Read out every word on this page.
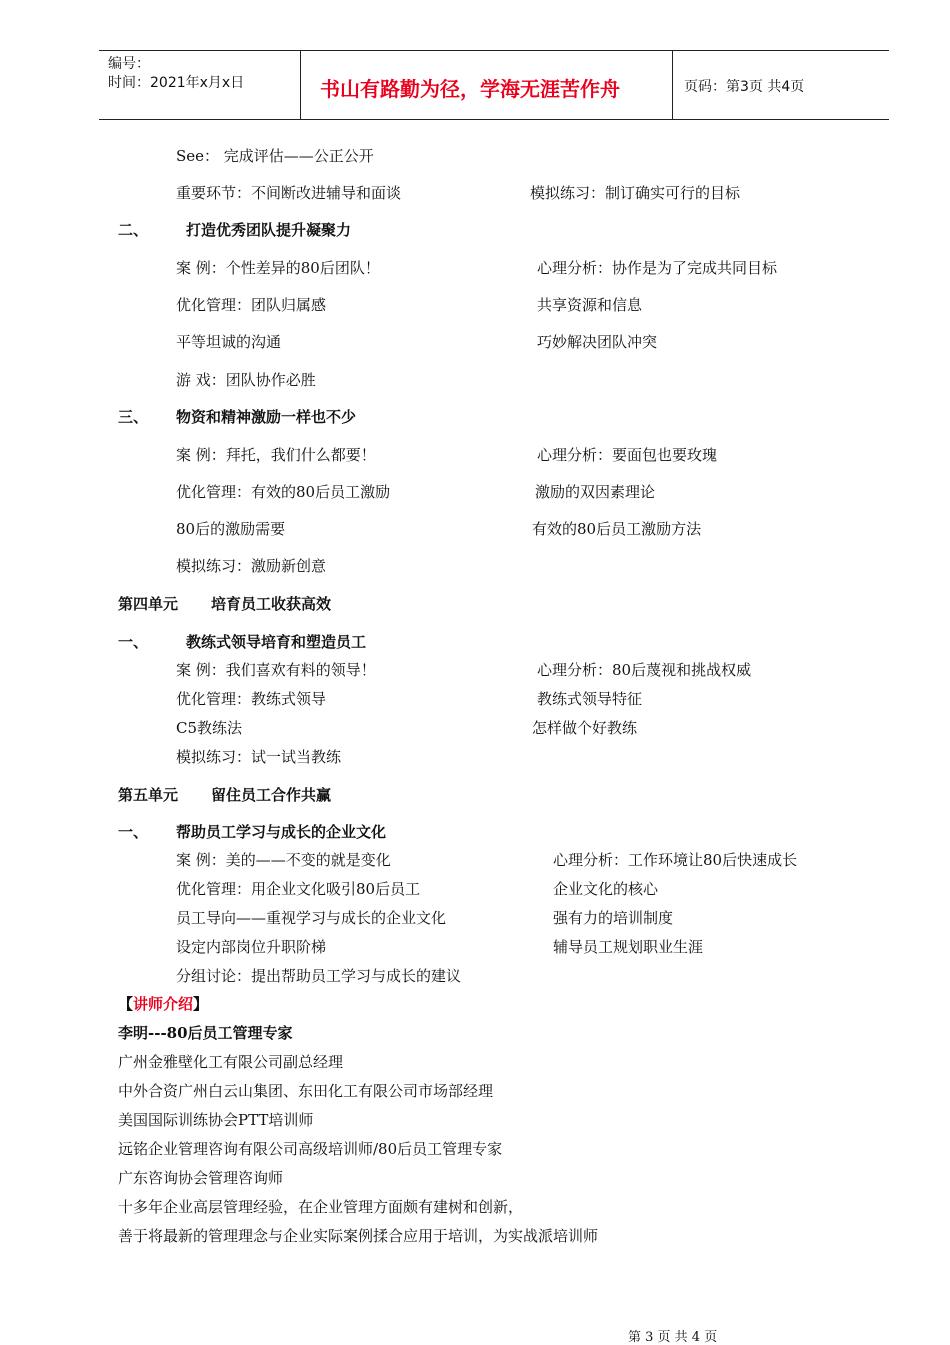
编号：
时间：2021年x月x日	书山有路勤为径，学海无涯苦作舟	页码：第3页 共4页
See： 完成评估——公正公开
重要环节：不间断改进辅导和面谈	模拟练习：制订确实可行的目标
二、	打造优秀团队提升凝聚力
案 例：个性差异的80后团队！	心理分析：协作是为了完成共同目标
优化管理：团队归属感	共享资源和信息
平等坦诚的沟通	巧妙解决团队冲突
游 戏：团队协作必胜
三、 物资和精神激励一样也不少
案 例：拜托，我们什么都要！	心理分析：要面包也要玫瑰
优化管理：有效的80后员工激励	激励的双因素理论
80后的激励需要	有效的80后员工激励方法
模拟练习：激励新创意
第四单元 培育员工收获高效
一、	教练式领导培育和塑造员工
案 例：我们喜欢有料的领导！	心理分析：80后蔑视和挑战权威
优化管理：教练式领导	教练式领导特征
C5教练法	怎样做个好教练
模拟练习：试一试当教练
第五单元 留住员工合作共赢
一、 帮助员工学习与成长的企业文化
案 例：美的——不变的就是变化	心理分析：工作环境让80后快速成长
优化管理：用企业文化吸引80后员工	企业文化的核心
员工导向——重视学习与成长的企业文化	强有力的培训制度
设定内部岗位升职阶梯	辅导员工规划职业生涯
分组讨论：提出帮助员工学习与成长的建议
【讲师介绍】
李明---80后员工管理专家
广州金雅壁化工有限公司副总经理
中外合资广州白云山集团、东田化工有限公司市场部经理
美国国际训练协会PTT培训师
远铭企业管理咨询有限公司高级培训师/80后员工管理专家
广东咨询协会管理咨询师
十多年企业高层管理经验，在企业管理方面颇有建树和创新，
善于将最新的管理理念与企业实际案例揉合应用于培训，为实战派培训师
第 3 页 共 4 页
